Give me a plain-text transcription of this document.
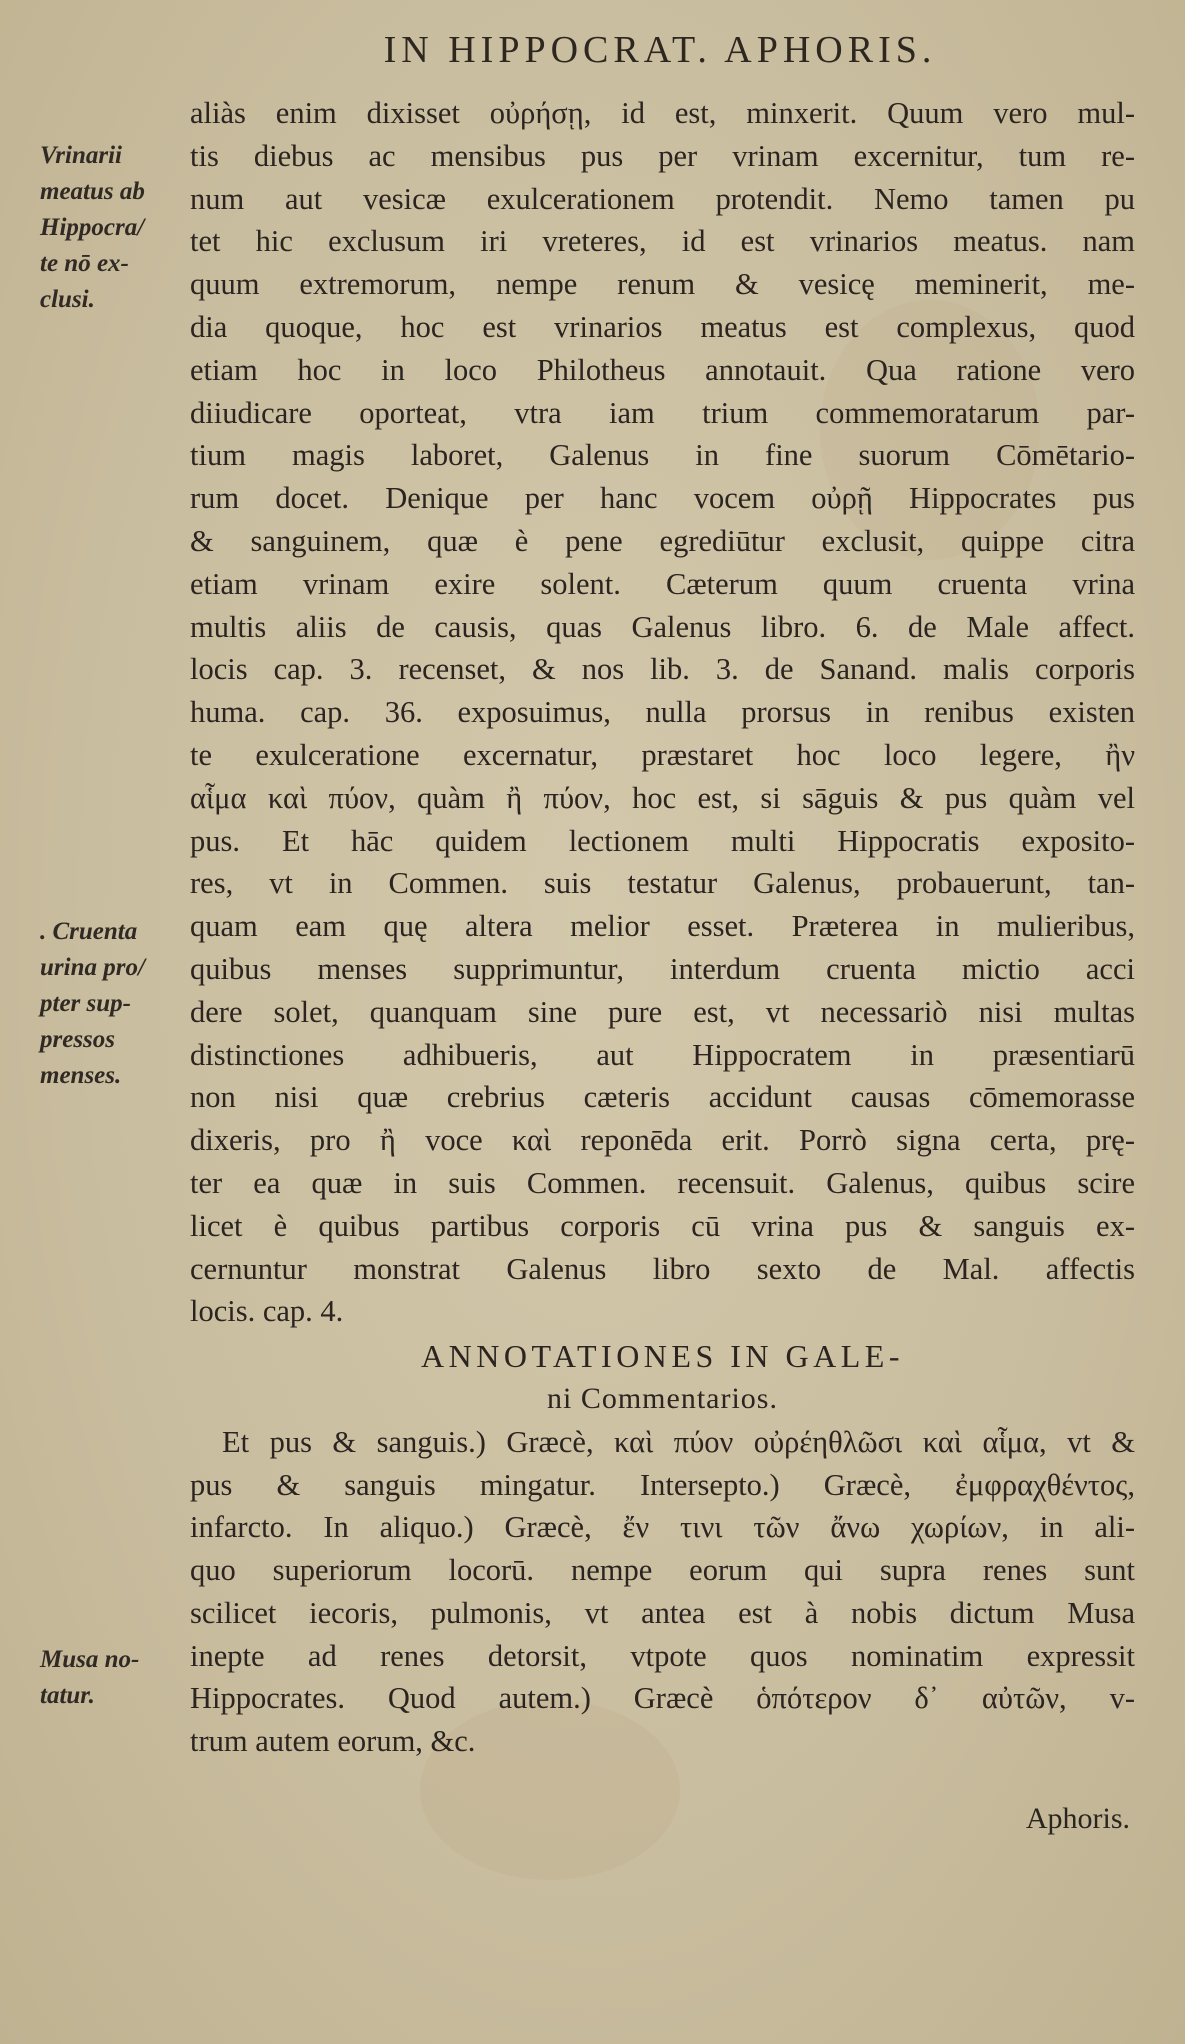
IN HIPPOCRAT. APHORIS.
Vrinarii
meatus ab
Hippocra/
te nō ex-
clusi.
. Cruenta
urina pro/
pter sup-
pressos
menses.
Musa no-
tatur.
aliàs enim dixisset οὐρήσῃ, id est, minxerit. Quum vero mul-
tis diebus ac mensibus pus per vrinam excernitur, tum re-
num aut vesicæ exulcerationem protendit. Nemo tamen pu
tet hic exclusum iri vreteres, id est vrinarios meatus. nam
quum extremorum, nempe renum & vesicę meminerit, me-
dia quoque, hoc est vrinarios meatus est complexus, quod
etiam hoc in loco Philotheus annotauit. Qua ratione vero
diiudicare oporteat, vtra iam trium commemoratarum par-
tium magis laboret, Galenus in fine suorum Cōmētario-
rum docet. Denique per hanc vocem οὐρῇ Hippocrates pus
& sanguinem, quæ è pene egrediūtur exclusit, quippe citra
etiam vrinam exire solent. Cæterum quum cruenta vrina
multis aliis de causis, quas Galenus libro. 6. de Male affect.
locis cap. 3. recenset, & nos lib. 3. de Sanand. malis corporis
huma. cap. 36. exposuimus, nulla prorsus in renibus existen
te exulceratione excernatur, præstaret hoc loco legere, ἢν
αἷμα καὶ πύον, quàm ἢ πύον, hoc est, si sāguis & pus quàm vel
pus. Et hāc quidem lectionem multi Hippocratis exposito-
res, vt in Commen. suis testatur Galenus, probauerunt, tan-
quam eam quę altera melior esset. Præterea in mulieribus,
quibus menses supprimuntur, interdum cruenta mictio acci
dere solet, quanquam sine pure est, vt necessariò nisi multas
distinctiones adhibueris, aut Hippocratem in præsentiarū
non nisi quæ crebrius cæteris accidunt causas cōmemorasse
dixeris, pro ἢ voce καὶ reponēda erit. Porrò signa certa, prę-
ter ea quæ in suis Commen. recensuit. Galenus, quibus scire
licet è quibus partibus corporis cū vrina pus & sanguis ex-
cernuntur monstrat Galenus libro sexto de Mal. affectis
locis. cap. 4.
ANNOTATIONES IN GALE-
ni Commentarios.
Et pus & sanguis.) Græcè, καὶ πύον οὐρέηθλῶσι καὶ αἷμα, vt &
pus & sanguis mingatur. Intersepto.) Græcè, ἐμφραχθέντος,
infarcto. In aliquo.) Græcè, ἔν τινι τῶν ἄνω χωρίων, in ali-
quo superiorum locorū. nempe eorum qui supra renes sunt
scilicet iecoris, pulmonis, vt antea est à nobis dictum Musa
inepte ad renes detorsit, vtpote quos nominatim expressit
Hippocrates. Quod autem.) Græcè ὁπότερον δ᾽ αὐτῶν, v-
trum autem eorum, &c.
Aphoris.
